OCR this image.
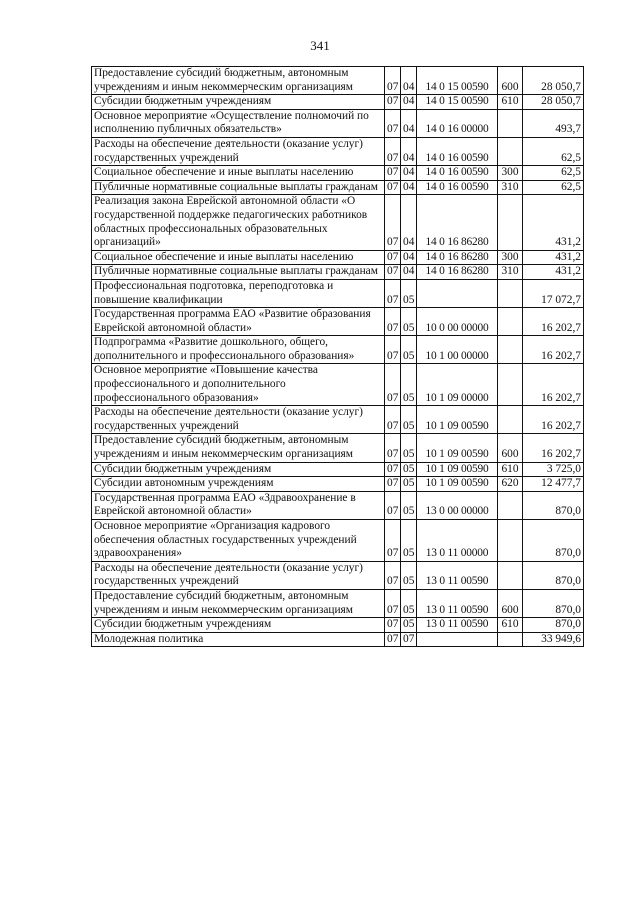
341
Предоставление субсидий бюджетным, автономным учреждениям и иным некоммерческим организациям	07	04	14 0 15 00590	600	28 050,7
Субсидии бюджетным учреждениям	07	04	14 0 15 00590	610	28 050,7
Основное мероприятие «Осуществление полномочий по исполнению публичных обязательств»	07	04	14 0 16 00000		493,7
Расходы на обеспечение деятельности (оказание услуг) государственных учреждений	07	04	14 0 16 00590		62,5
Социальное обеспечение и иные выплаты населению	07	04	14 0 16 00590	300	62,5
Публичные нормативные социальные выплаты гражданам	07	04	14 0 16 00590	310	62,5
Реализация закона Еврейской автономной области «О государственной поддержке педагогических работников областных профессиональных образовательных организаций»	07	04	14 0 16 86280		431,2
Социальное обеспечение и иные выплаты населению	07	04	14 0 16 86280	300	431,2
Публичные нормативные социальные выплаты гражданам	07	04	14 0 16 86280	310	431,2
Профессиональная подготовка, переподготовка и повышение квалификации	07	05			17 072,7
Государственная программа ЕАО «Развитие образования Еврейской автономной области»	07	05	10 0 00 00000		16 202,7
Подпрограмма «Развитие дошкольного, общего, дополнительного и профессионального образования»	07	05	10 1 00 00000		16 202,7
Основное мероприятие «Повышение качества профессионального и дополнительного профессионального образования»	07	05	10 1 09 00000		16 202,7
Расходы на обеспечение деятельности (оказание услуг) государственных учреждений	07	05	10 1 09 00590		16 202,7
Предоставление субсидий бюджетным, автономным учреждениям и иным некоммерческим организациям	07	05	10 1 09 00590	600	16 202,7
Субсидии бюджетным учреждениям	07	05	10 1 09 00590	610	3 725,0
Субсидии автономным учреждениям	07	05	10 1 09 00590	620	12 477,7
Государственная программа ЕАО «Здравоохранение в Еврейской автономной области»	07	05	13 0 00 00000		870,0
Основное мероприятие «Организация кадрового обеспечения областных государственных учреждений здравоохранения»	07	05	13 0 11 00000		870,0
Расходы на обеспечение деятельности (оказание услуг) государственных учреждений	07	05	13 0 11 00590		870,0
Предоставление субсидий бюджетным, автономным учреждениям и иным некоммерческим организациям	07	05	13 0 11 00590	600	870,0
Субсидии бюджетным учреждениям	07	05	13 0 11 00590	610	870,0
Молодежная политика	07	07			33 949,6
